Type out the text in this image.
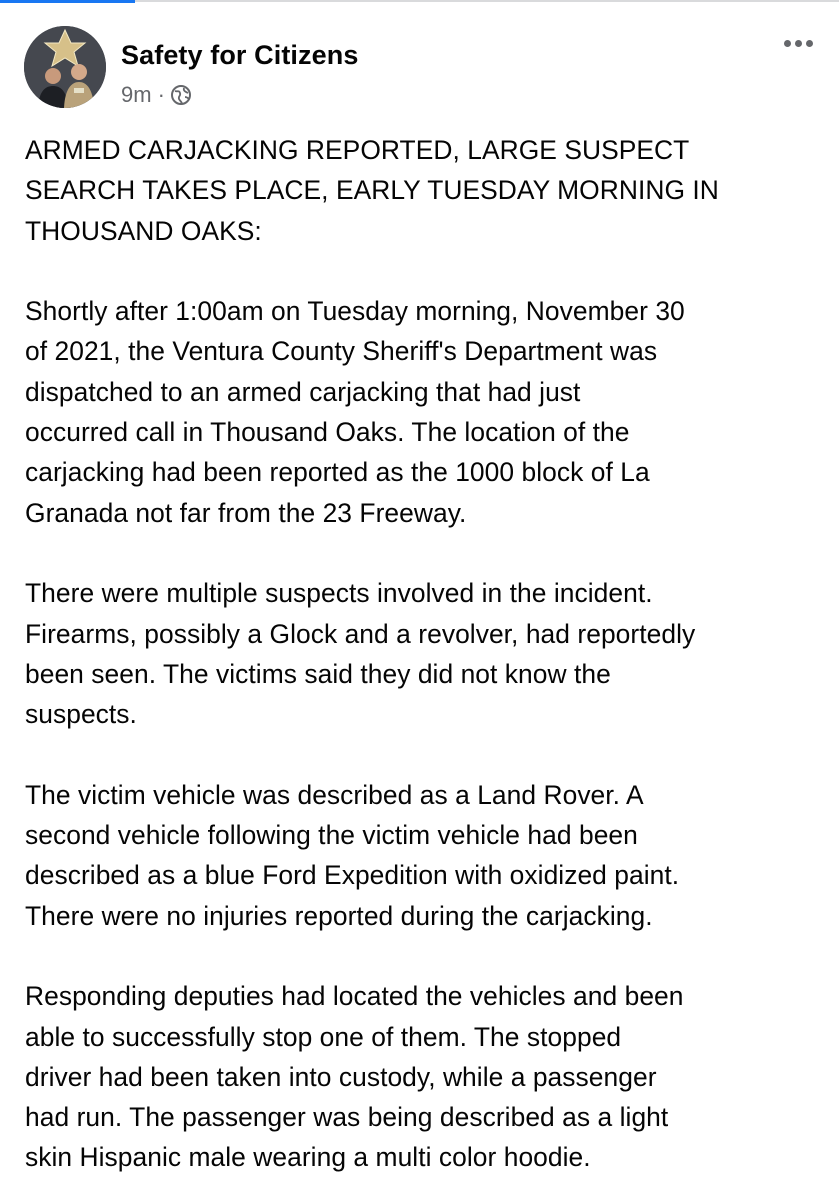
Safety for Citizens
9m ·

ARMED CARJACKING REPORTED, LARGE SUSPECT
SEARCH TAKES PLACE, EARLY TUESDAY MORNING IN
THOUSAND OAKS:

Shortly after 1:00am on Tuesday morning, November 30
of 2021, the Ventura County Sheriff's Department was
dispatched to an armed carjacking that had just
occurred call in Thousand Oaks. The location of the
carjacking had been reported as the 1000 block of La
Granada not far from the 23 Freeway.

There were multiple suspects involved in the incident.
Firearms, possibly a Glock and a revolver, had reportedly
been seen. The victims said they did not know the
suspects.

The victim vehicle was described as a Land Rover. A
second vehicle following the victim vehicle had been
described as a blue Ford Expedition with oxidized paint.
There were no injuries reported during the carjacking.

Responding deputies had located the vehicles and been
able to successfully stop one of them. The stopped
driver had been taken into custody, while a passenger
had run. The passenger was being described as a light
skin Hispanic male wearing a multi color hoodie.
